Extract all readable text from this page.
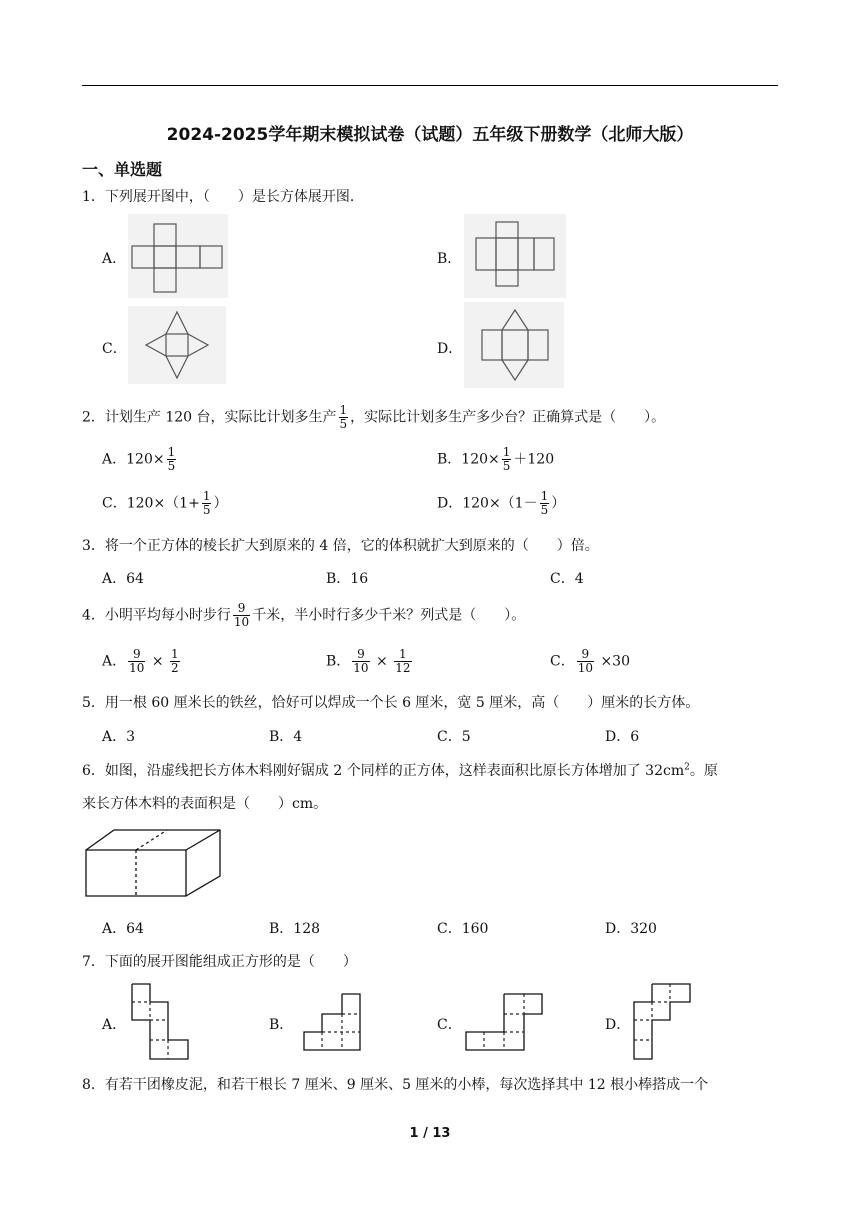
2024-2025学年期末模拟试卷（试题）五年级下册数学（北师大版）
一、单选题
1．下列展开图中，（　　）是长方体展开图．
A．	B．
C．	D．
2．计划生产 120 台，实际比计划多生产 $\frac{1}{5}$ ，实际比计划多生产多少台？正确算式是（　　）。
A．$120\times \frac{1}{5}$	B．$120\times \frac{1}{5} +120$
C．$120\times(1+ \frac{1}{5}$ ）	D．$120\times(1- \frac{1}{5}$ ）
3．将一个正方体的棱长扩大到原来的 4 倍，它的体积就扩大到原来的（　　）倍。
A．64	B．16	C．4
4．小明平均每小时步行 $\frac{9}{10}$ 千米，半小时行多少千米？列式是（　　）。
A． $\frac{9}{10} \times \frac{1}{2}$	B． $\frac{9}{10} \times \frac{1}{12}$	C． $\frac{9}{10} \times 30$
5．用一根 60 厘米长的铁丝，恰好可以焊成一个长 6 厘米，宽 5 厘米，高（　　）厘米的长方体。
A．3	B．4	C．5	D．6
6．如图，沿虚线把长方体木料刚好锯成 2 个同样的正方体，这样表面积比原长方体增加了 $32cm^2$。原
来长方体木料的表面积是（　　）cm。
A．64	B．128	C．160	D．320
7．下面的展开图能组成正方形的是（　　）
A．	B．	C．	D．
8．有若干团橡皮泥，和若干根长 7 厘米、9 厘米、5 厘米的小棒，每次选择其中 12 根小棒搭成一个
1 / 13
